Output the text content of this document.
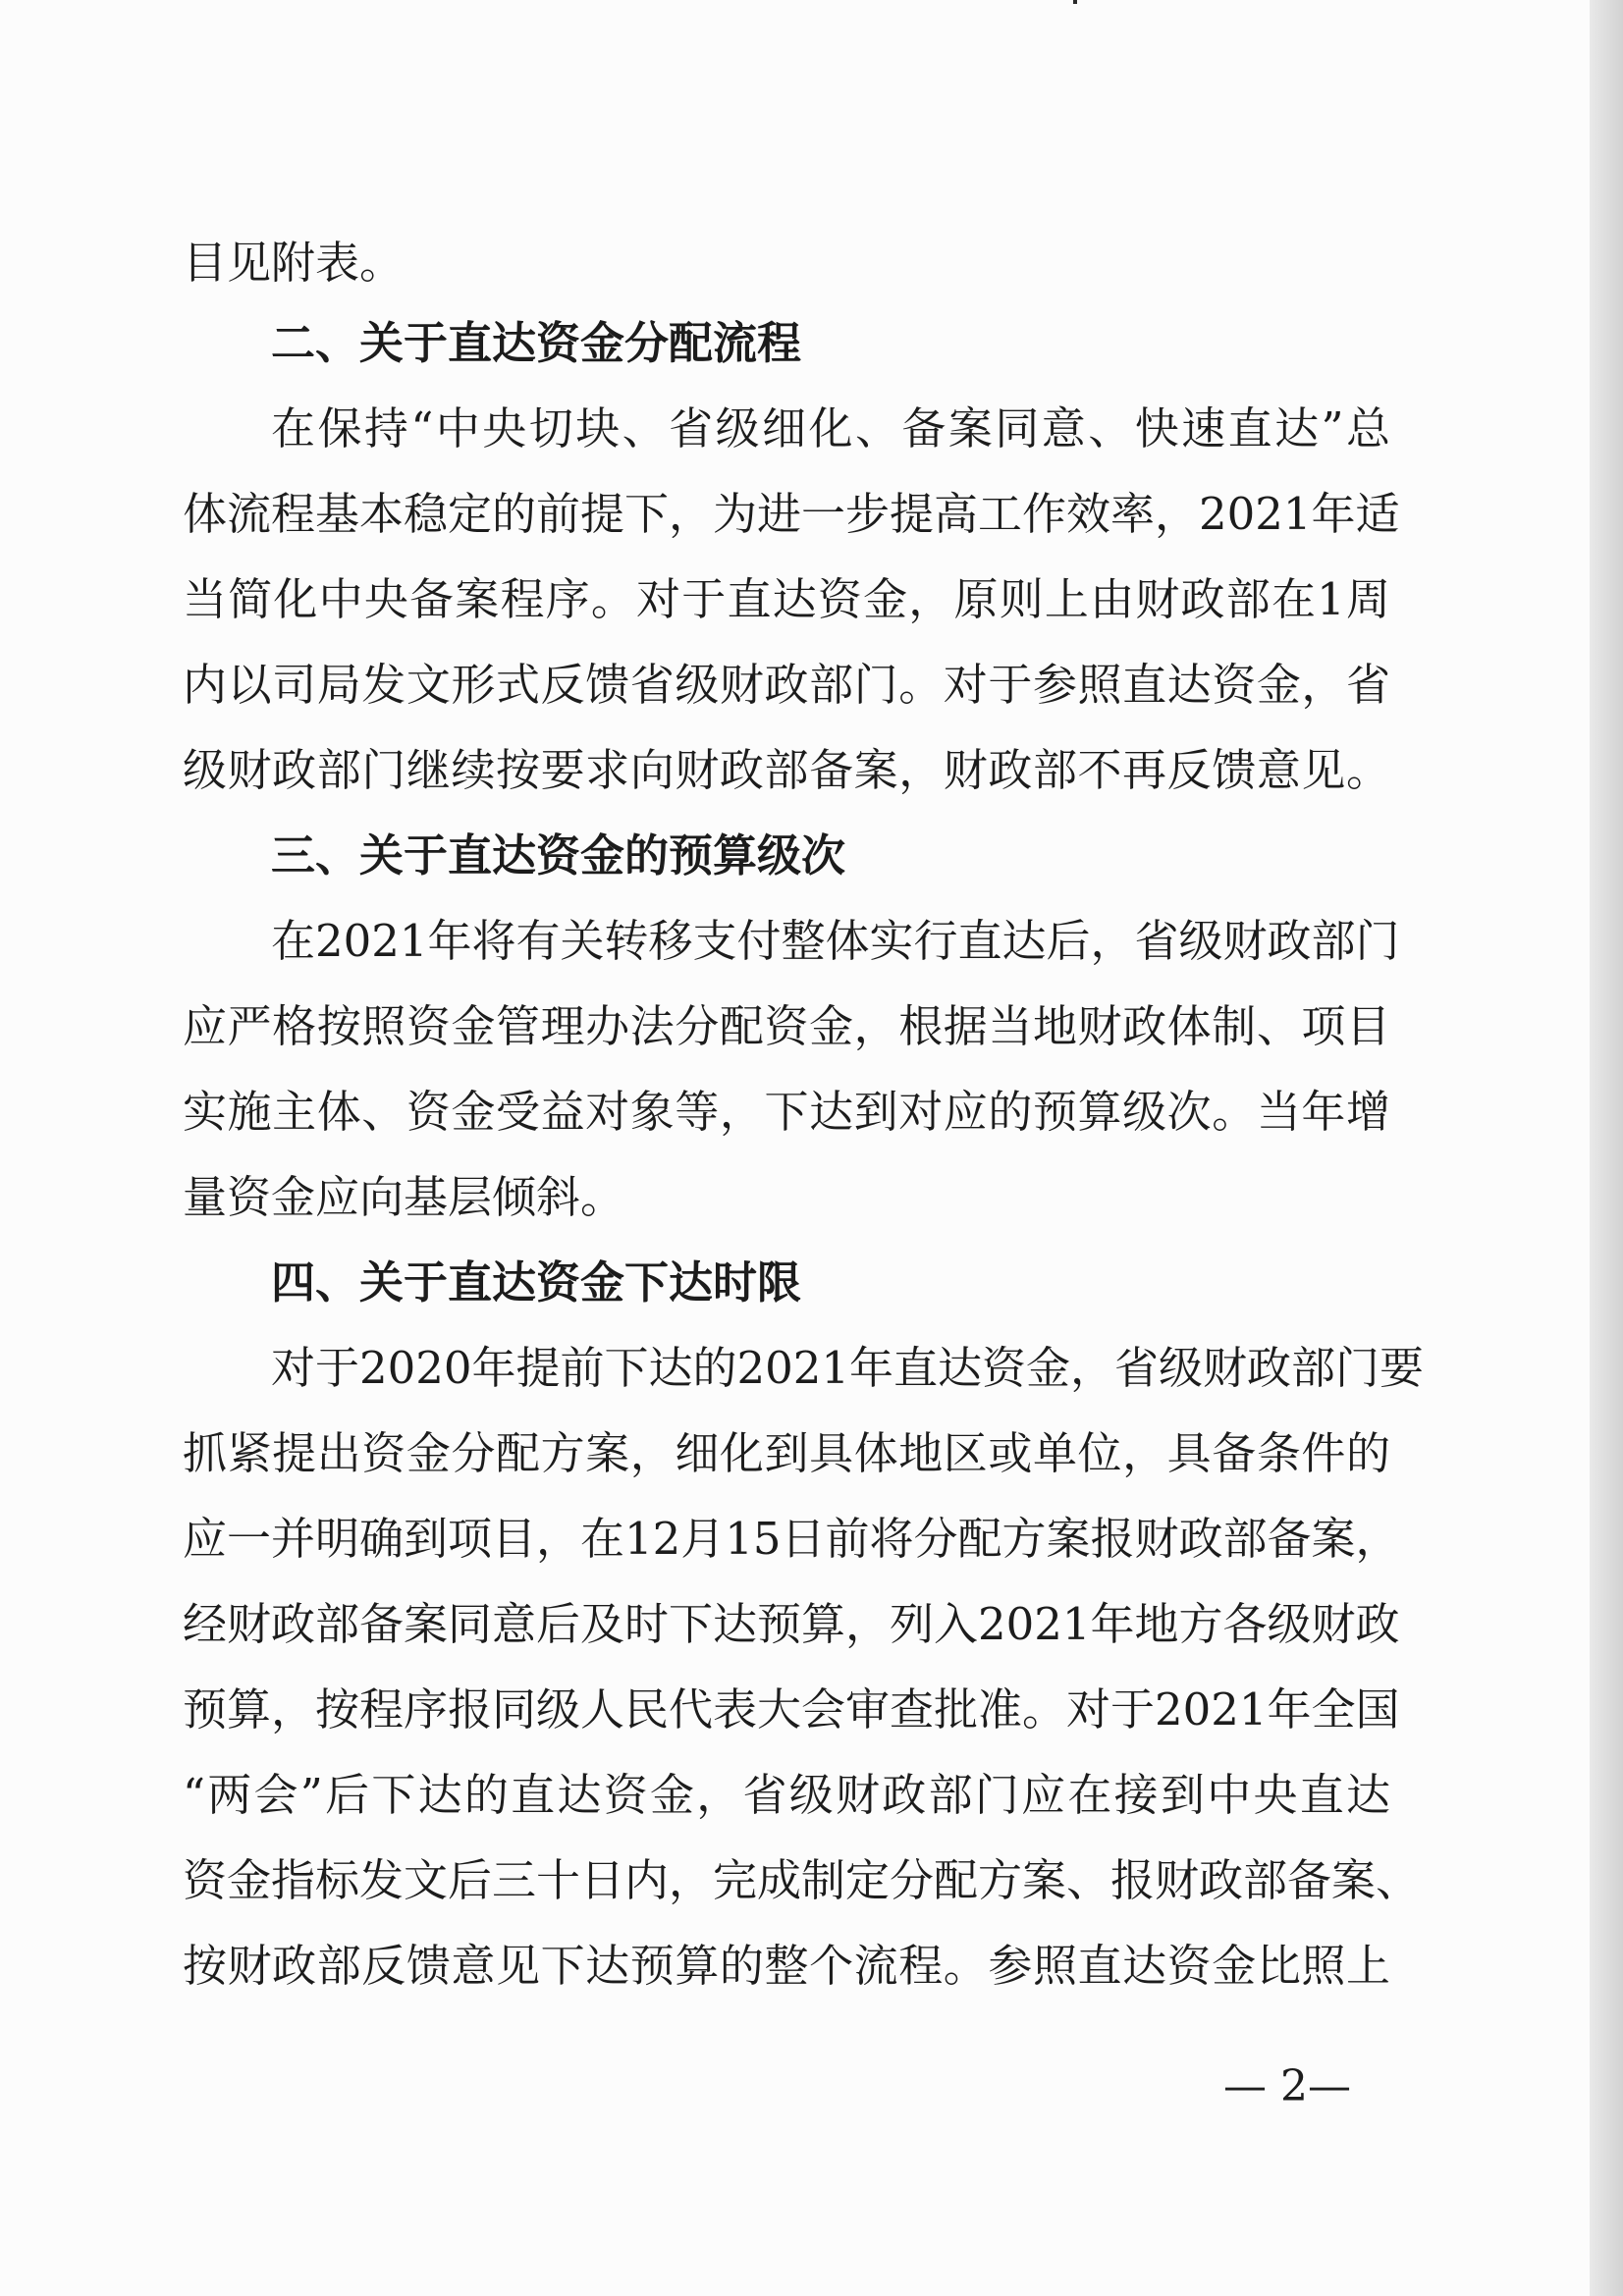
目见附表。
二、关于直达资金分配流程
在保持“中央切块、省级细化、备案同意、快速直达”总
体流程基本稳定的前提下，为进一步提高工作效率，2021年适
当简化中央备案程序。对于直达资金，原则上由财政部在1周
内以司局发文形式反馈省级财政部门。对于参照直达资金，省
级财政部门继续按要求向财政部备案，财政部不再反馈意见。
三、关于直达资金的预算级次
在2021年将有关转移支付整体实行直达后，省级财政部门
应严格按照资金管理办法分配资金，根据当地财政体制、项目
实施主体、资金受益对象等，下达到对应的预算级次。当年增
量资金应向基层倾斜。
四、关于直达资金下达时限
对于2020年提前下达的2021年直达资金，省级财政部门要
抓紧提出资金分配方案，细化到具体地区或单位，具备条件的
应一并明确到项目，在12月15日前将分配方案报财政部备案，
经财政部备案同意后及时下达预算，列入2021年地方各级财政
预算，按程序报同级人民代表大会审查批准。对于2021年全国
“两会”后下达的直达资金，省级财政部门应在接到中央直达
资金指标发文后三十日内，完成制定分配方案、报财政部备案、
按财政部反馈意见下达预算的整个流程。参照直达资金比照上
— 2—
